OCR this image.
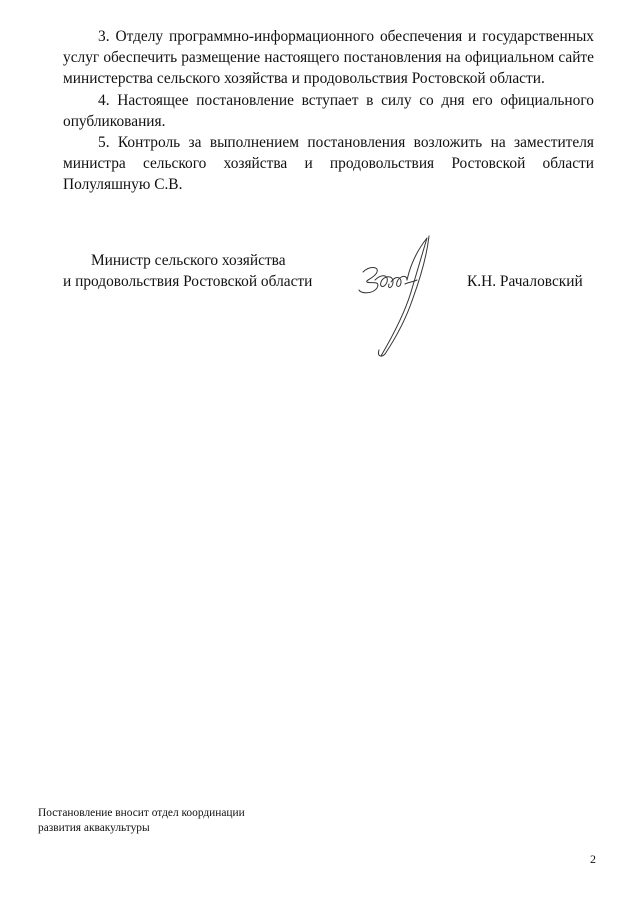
3. Отделу программно-информационного обеспечения и государственных услуг обеспечить размещение настоящего постановления на официальном сайте министерства сельского хозяйства и продовольствия Ростовской области.

4. Настоящее постановление вступает в силу со дня его официального опубликования.

5. Контроль за выполнением постановления возложить на заместителя министра сельского хозяйства и продовольствия Ростовской области Полуляшную С.В.

Министр сельского хозяйства
и продовольствия Ростовской области	К.Н. Рачаловский
Постановление вносит отдел координации
развития аквакультуры
2
